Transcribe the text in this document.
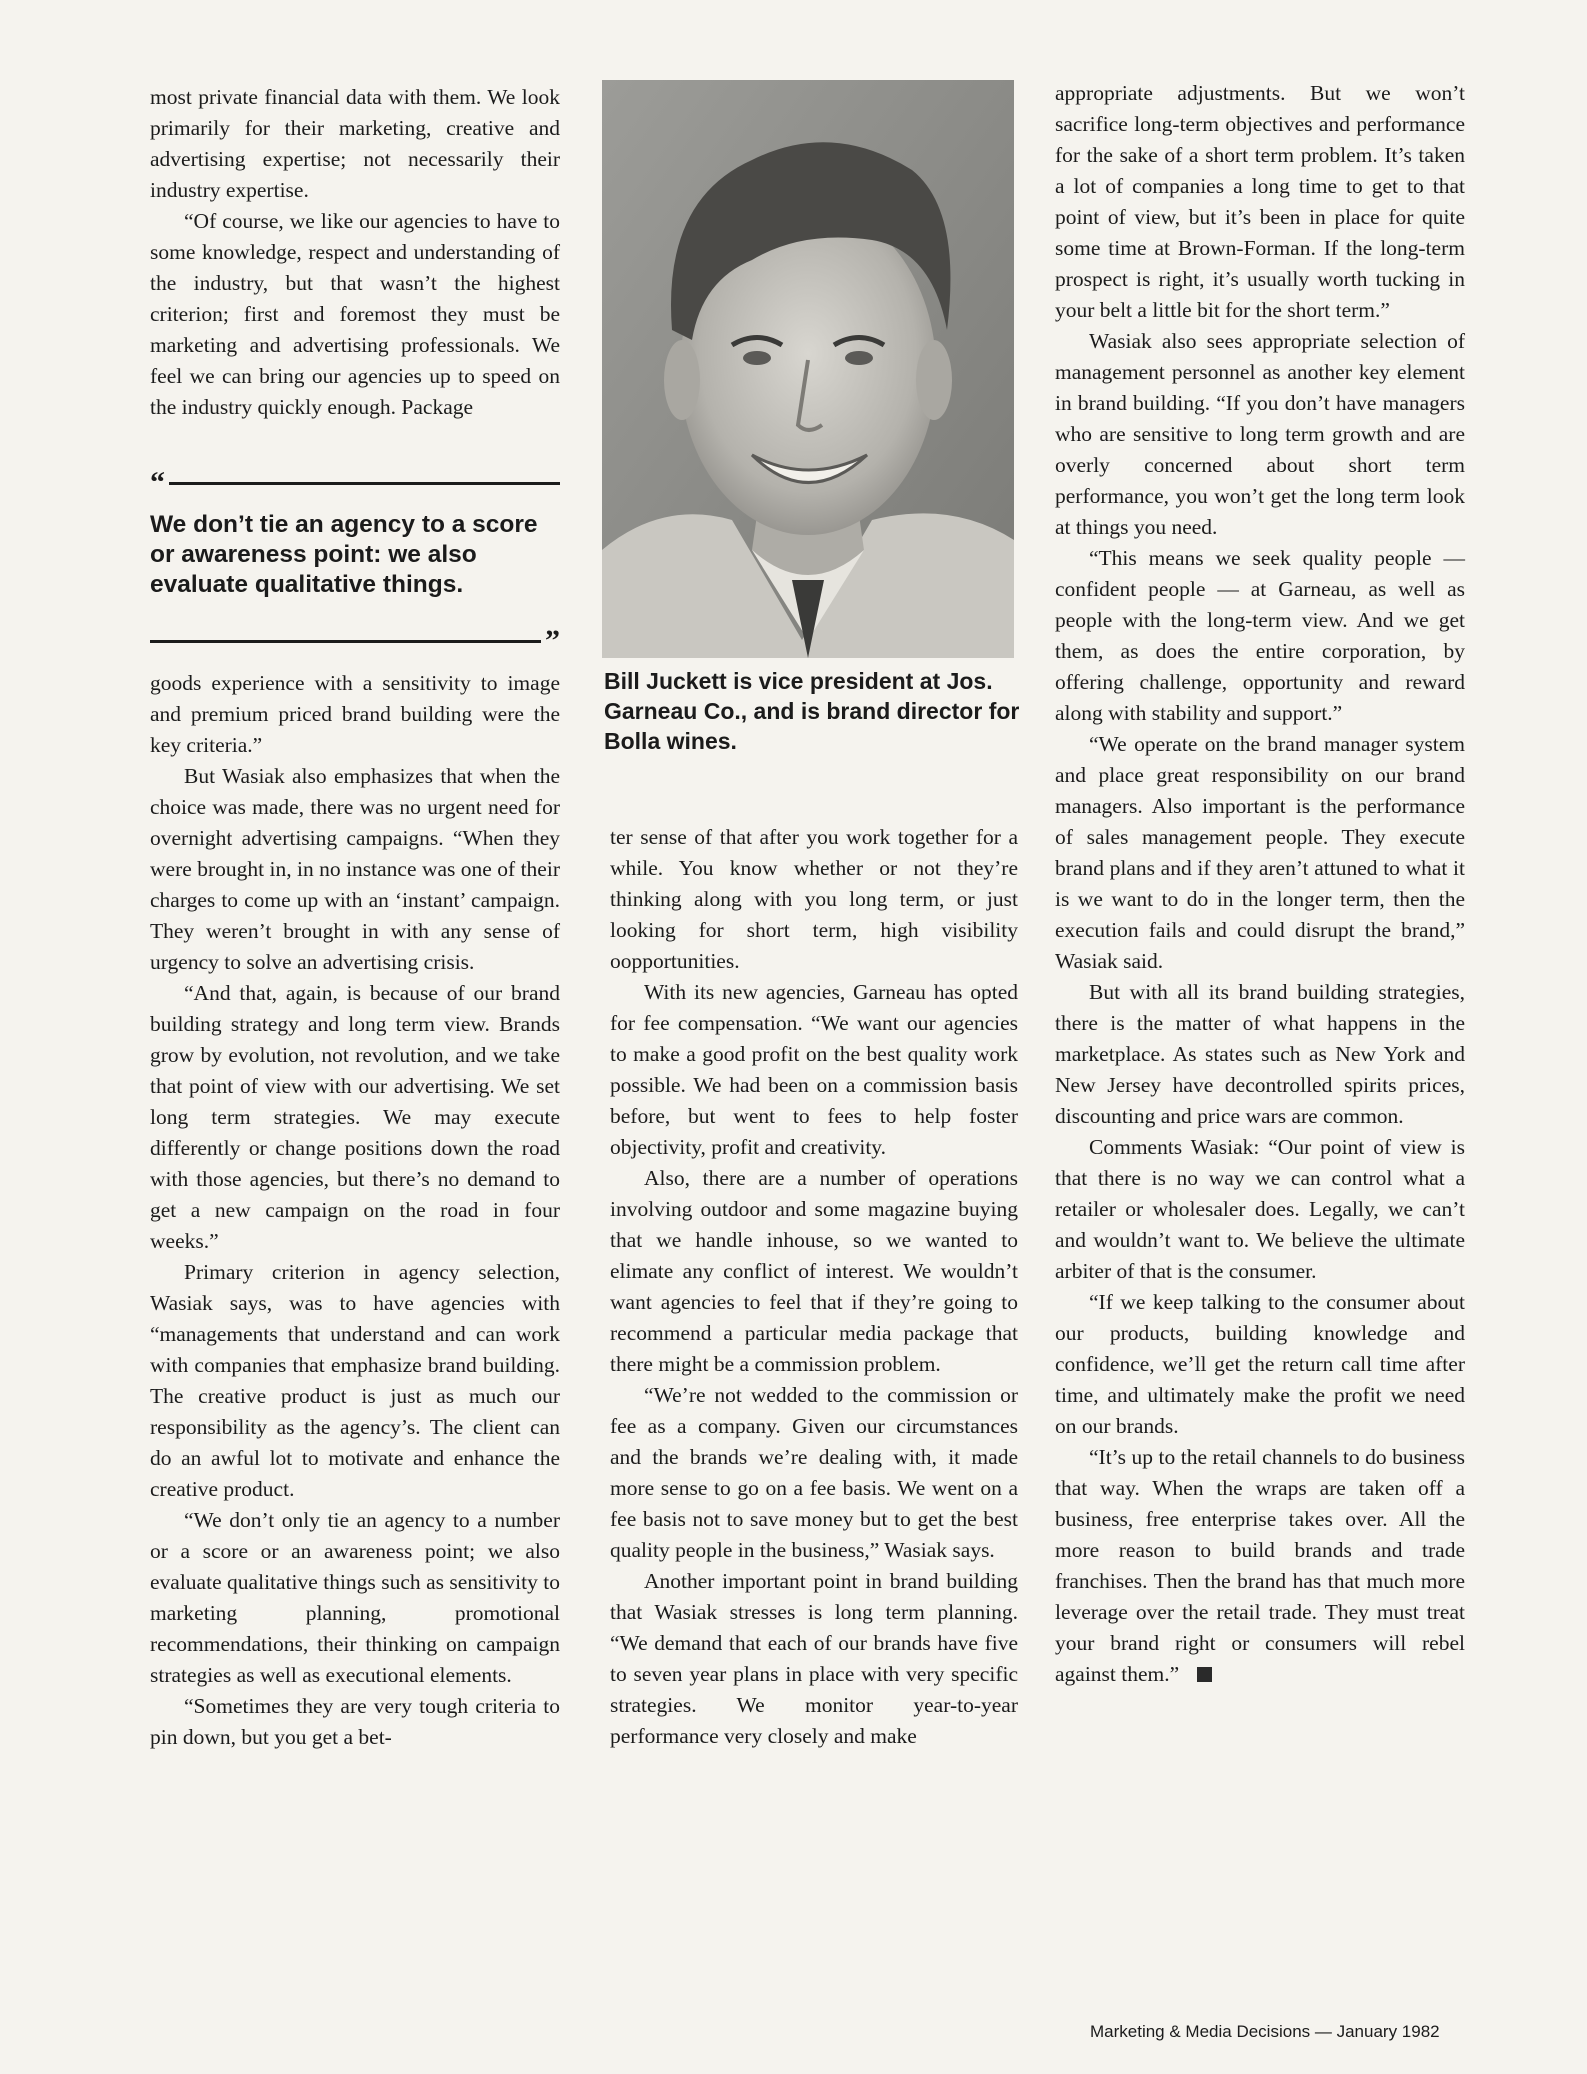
most private financial data with them. We look primarily for their marketing, creative and advertising expertise; not necessarily their industry expertise.

“Of course, we like our agencies to have to some knowledge, respect and understanding of the industry, but that wasn’t the highest criterion; first and foremost they must be marketing and advertising professionals. We feel we can bring our agencies up to speed on the industry quickly enough. Package

“
We don’t tie an agency to a score or awareness point: we also evaluate qualitative things.
”

goods experience with a sensitivity to image and premium priced brand building were the key criteria.”

But Wasiak also emphasizes that when the choice was made, there was no urgent need for overnight advertising campaigns. “When they were brought in, in no instance was one of their charges to come up with an ‘instant’ campaign. They weren’t brought in with any sense of urgency to solve an advertising crisis.

“And that, again, is because of our brand building strategy and long term view. Brands grow by evolution, not revolution, and we take that point of view with our advertising. We set long term strategies. We may execute differently or change positions down the road with those agencies, but there’s no demand to get a new campaign on the road in four weeks.”

Primary criterion in agency selection, Wasiak says, was to have agencies with “managements that understand and can work with companies that emphasize brand building. The creative product is just as much our responsibility as the agency’s. The client can do an awful lot to motivate and enhance the creative product.

“We don’t only tie an agency to a number or a score or an awareness point; we also evaluate qualitative things such as sensitivity to marketing planning, promotional recommendations, their thinking on campaign strategies as well as executional elements.

“Sometimes they are very tough criteria to pin down, but you get a bet-

Bill Juckett is vice president at Jos. Garneau Co., and is brand director for Bolla wines.

ter sense of that after you work together for a while. You know whether or not they’re thinking along with you long term, or just looking for short term, high visibility oopportunities.

With its new agencies, Garneau has opted for fee compensation. “We want our agencies to make a good profit on the best quality work possible. We had been on a commission basis before, but went to fees to help foster objectivity, profit and creativity.

Also, there are a number of operations involving outdoor and some magazine buying that we handle inhouse, so we wanted to elimate any conflict of interest. We wouldn’t want agencies to feel that if they’re going to recommend a particular media package that there might be a commission problem.

“We’re not wedded to the commission or fee as a company. Given our circumstances and the brands we’re dealing with, it made more sense to go on a fee basis. We went on a fee basis not to save money but to get the best quality people in the business,” Wasiak says.

Another important point in brand building that Wasiak stresses is long term planning. “We demand that each of our brands have five to seven year plans in place with very specific strategies. We monitor year-to-year performance very closely and make

appropriate adjustments. But we won’t sacrifice long-term objectives and performance for the sake of a short term problem. It’s taken a lot of companies a long time to get to that point of view, but it’s been in place for quite some time at Brown-Forman. If the long-term prospect is right, it’s usually worth tucking in your belt a little bit for the short term.”

Wasiak also sees appropriate selection of management personnel as another key element in brand building. “If you don’t have managers who are sensitive to long term growth and are overly concerned about short term performance, you won’t get the long term look at things you need.

“This means we seek quality people — confident people — at Garneau, as well as people with the long-term view. And we get them, as does the entire corporation, by offering challenge, opportunity and reward along with stability and support.”

“We operate on the brand manager system and place great responsibility on our brand managers. Also important is the performance of sales management people. They execute brand plans and if they aren’t attuned to what it is we want to do in the longer term, then the execution fails and could disrupt the brand,” Wasiak said.

But with all its brand building strategies, there is the matter of what happens in the marketplace. As states such as New York and New Jersey have decontrolled spirits prices, discounting and price wars are common.

Comments Wasiak: “Our point of view is that there is no way we can control what a retailer or wholesaler does. Legally, we can’t and wouldn’t want to. We believe the ultimate arbiter of that is the consumer.

“If we keep talking to the consumer about our products, building knowledge and confidence, we’ll get the return call time after time, and ultimately make the profit we need on our brands.

“It’s up to the retail channels to do business that way. When the wraps are taken off a business, free enterprise takes over. All the more reason to build brands and trade franchises. Then the brand has that much more leverage over the retail trade. They must treat your brand right or consumers will rebel against them.”

Marketing & Media Decisions — January 1982
